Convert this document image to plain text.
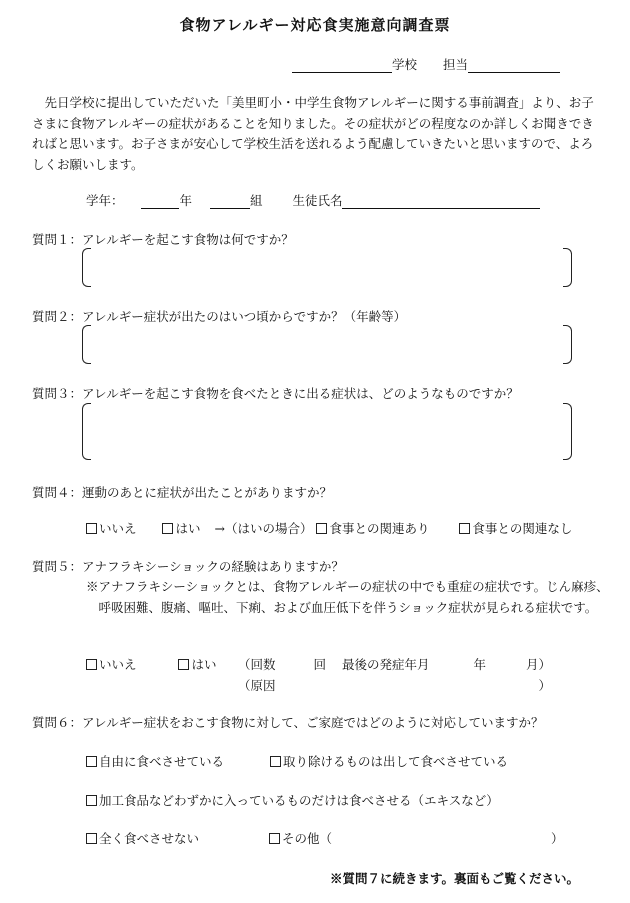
食物アレルギー対応食実施意向調査票
学校 担当
先日学校に提出していただいた「美里町小・中学生食物アレルギーに関する事前調査」より、お子さまに食物アレルギーの症状があることを知りました。その症状がどの程度なのか詳しくお聞きできればと思います。お子さまが安心して学校生活を送れるよう配慮していきたいと思いますので、よろしくお願いします。
学年：	年	組 生徒氏名
質問１：アレルギーを起こす食物は何ですか？
質問２：アレルギー症状が出たのはいつ頃からですか？（年齢等）
質問３：アレルギーを起こす食物を食べたときに出る症状は、どのようなものですか？
質問４：運動のあとに症状が出たことがありますか？
いいえ	はい →（はいの場合） 食事との関連あり	食事との関連なし
質問５：アナフラキシーショックの経験はありますか？
※アナフラキシーショックとは、食物アレルギーの症状の中でも重症の症状です。じん麻疹、呼吸困難、腹痛、嘔吐、下痢、および血圧低下を伴うショック症状が見られる症状です。
いいえ	はい （回数	回 最後の発症年月	年	月）
（原因	）
質問６：アレルギー症状をおこす食物に対して、ご家庭ではどのように対応していますか？
自由に食べさせている	取り除けるものは出して食べさせている
加工食品などわずかに入っているものだけは食べさせる（エキスなど）
全く食べさせない	その他（	）
※質問７に続きます。裏面もご覧ください。
